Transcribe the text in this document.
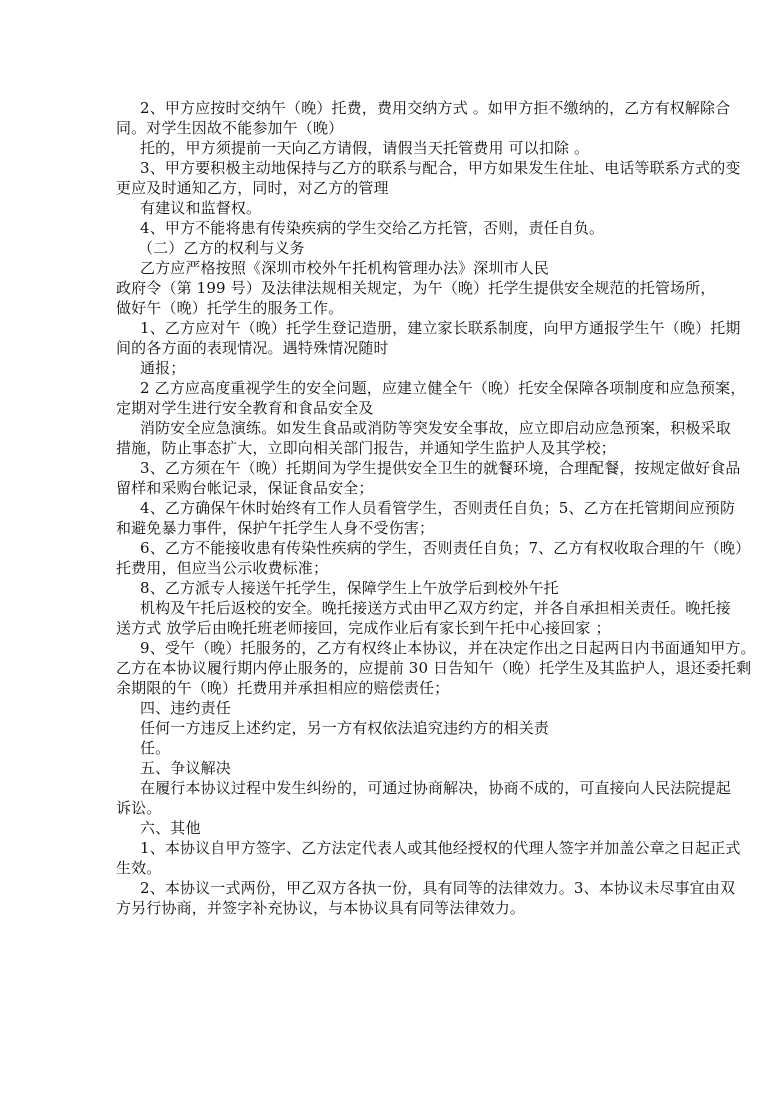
2、甲方应按时交纳午（晚）托费，费用交纳方式 。如甲方拒不缴纳的，乙方有权解除合
同。对学生因故不能参加午（晚）
托的，甲方须提前一天向乙方请假，请假当天托管费用 可以扣除 。
3、甲方要积极主动地保持与乙方的联系与配合，甲方如果发生住址、电话等联系方式的变
更应及时通知乙方，同时，对乙方的管理
有建议和监督权。
4、甲方不能将患有传染疾病的学生交给乙方托管，否则，责任自负。
（二）乙方的权利与义务
乙方应严格按照《深圳市校外午托机构管理办法》深圳市人民
政府令（第 199 号）及法律法规相关规定，为午（晚）托学生提供安全规范的托管场所，
做好午（晚）托学生的服务工作。
1、乙方应对午（晚）托学生登记造册，建立家长联系制度，向甲方通报学生午（晚）托期
间的各方面的表现情况。遇特殊情况随时
通报；
2 乙方应高度重视学生的安全问题，应建立健全午（晚）托安全保障各项制度和应急预案，
定期对学生进行安全教育和食品安全及
消防安全应急演练。如发生食品或消防等突发安全事故，应立即启动应急预案，积极采取
措施，防止事态扩大，立即向相关部门报告，并通知学生监护人及其学校；
3、乙方须在午（晚）托期间为学生提供安全卫生的就餐环境，合理配餐，按规定做好食品
留样和采购台帐记录，保证食品安全；
4、乙方确保午休时始终有工作人员看管学生，否则责任自负；5、乙方在托管期间应预防
和避免暴力事件，保护午托学生人身不受伤害；
6、乙方不能接收患有传染性疾病的学生，否则责任自负；7、乙方有权收取合理的午（晚）
托费用，但应当公示收费标准；
8、乙方派专人接送午托学生，保障学生上午放学后到校外午托
机构及午托后返校的安全。晚托接送方式由甲乙双方约定，并各自承担相关责任。晚托接
送方式 放学后由晚托班老师接回，完成作业后有家长到午托中心接回家 ；
9、受午（晚）托服务的，乙方有权终止本协议，并在决定作出之日起两日内书面通知甲方。
乙方在本协议履行期内停止服务的，应提前 30 日告知午（晚）托学生及其监护人，退还委托剩
余期限的午（晚）托费用并承担相应的赔偿责任；
四、违约责任
任何一方违反上述约定，另一方有权依法追究违约方的相关责
任。
五、争议解决
在履行本协议过程中发生纠纷的，可通过协商解决，协商不成的，可直接向人民法院提起
诉讼。
六、其他
1、本协议自甲方签字、乙方法定代表人或其他经授权的代理人签字并加盖公章之日起正式
生效。
2、本协议一式两份，甲乙双方各执一份，具有同等的法律效力。3、本协议未尽事宜由双
方另行协商，并签字补充协议，与本协议具有同等法律效力。
